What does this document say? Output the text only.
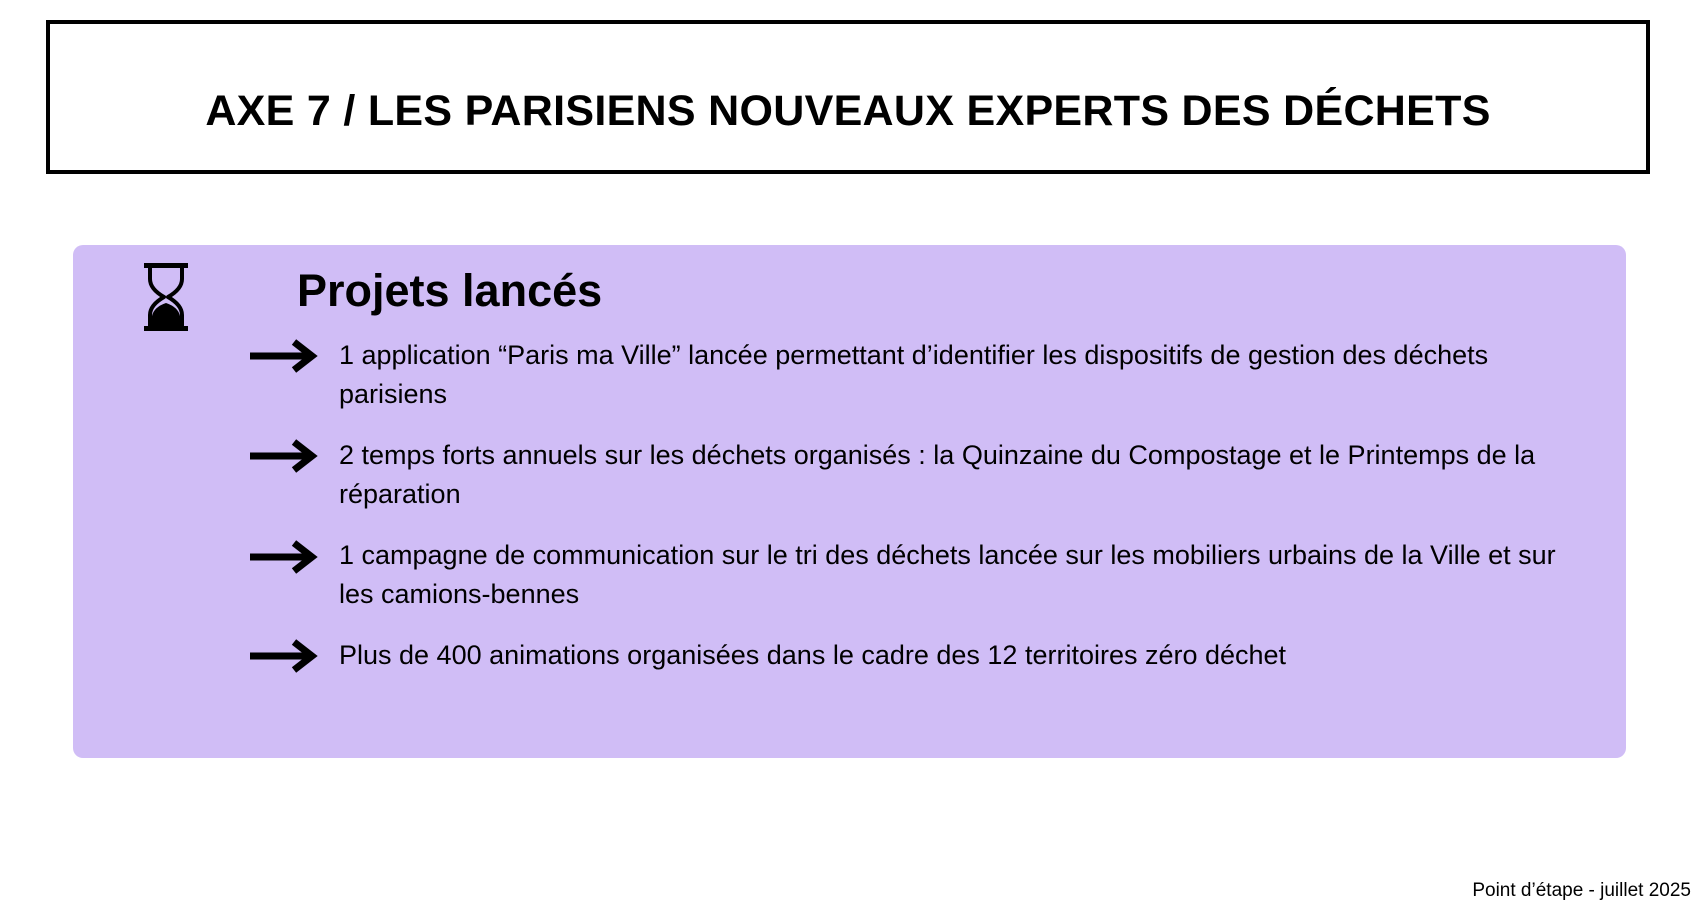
AXE 7 / LES PARISIENS NOUVEAUX EXPERTS DES DÉCHETS
Projets lancés
1 application “Paris ma Ville” lancée permettant d’identifier les dispositifs de gestion des déchets parisiens
2 temps forts annuels sur les déchets organisés : la Quinzaine du Compostage et le Printemps de la réparation
1 campagne de communication sur le tri des déchets lancée sur les mobiliers urbains de la Ville et sur les camions-bennes
Plus de 400 animations organisées dans le cadre des 12 territoires zéro déchet
Point d’étape - juillet 2025
